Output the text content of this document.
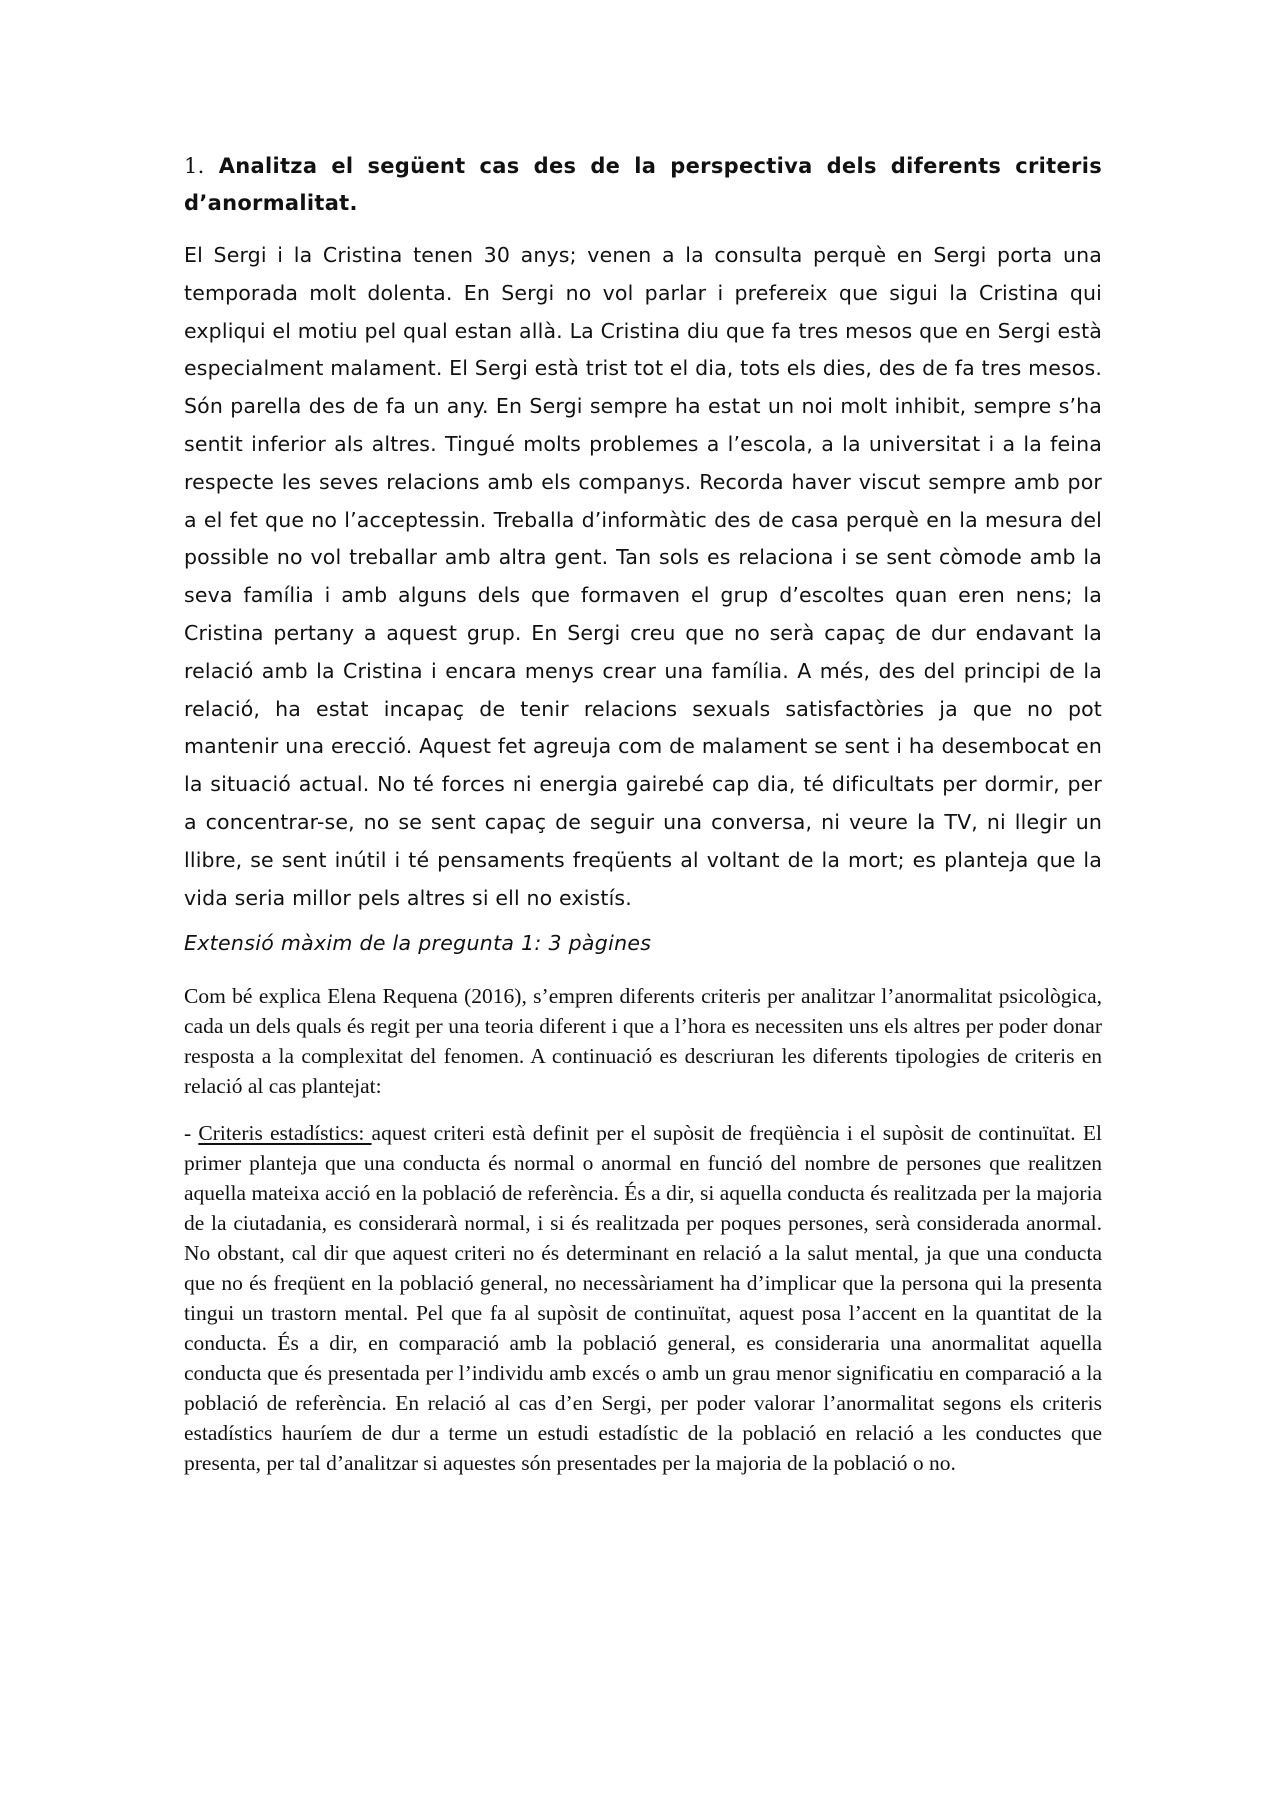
1. Analitza el següent cas des de la perspectiva dels diferents criteris d’anormalitat.

El Sergi i la Cristina tenen 30 anys; venen a la consulta perquè en Sergi porta una temporada molt dolenta. En Sergi no vol parlar i prefereix que sigui la Cristina qui expliqui el motiu pel qual estan allà. La Cristina diu que fa tres mesos que en Sergi està especialment malament. El Sergi està trist tot el dia, tots els dies, des de fa tres mesos. Són parella des de fa un any. En Sergi sempre ha estat un noi molt inhibit, sempre s’ha sentit inferior als altres. Tingué molts problemes a l’escola, a la universitat i a la feina respecte les seves relacions amb els companys. Recorda haver viscut sempre amb por a el fet que no l’acceptessin. Treballa d’informàtic des de casa perquè en la mesura del possible no vol treballar amb altra gent. Tan sols es relaciona i se sent còmode amb la seva família i amb alguns dels que formaven el grup d’escoltes quan eren nens; la Cristina pertany a aquest grup. En Sergi creu que no serà capaç de dur endavant la relació amb la Cristina i encara menys crear una família. A més, des del principi de la relació, ha estat incapaç de tenir relacions sexuals satisfactòries ja que no pot mantenir una erecció. Aquest fet agreuja com de malament se sent i ha desembocat en la situació actual. No té forces ni energia gairebé cap dia, té dificultats per dormir, per a concentrar-se, no se sent capaç de seguir una conversa, ni veure la TV, ni llegir un llibre, se sent inútil i té pensaments freqüents al voltant de la mort; es planteja que la vida seria millor pels altres si ell no existís.

Extensió màxim de la pregunta 1: 3 pàgines

Com bé explica Elena Requena (2016), s’empren diferents criteris per analitzar l’anormalitat psicològica, cada un dels quals és regit per una teoria diferent i que a l’hora es necessiten uns els altres per poder donar resposta a la complexitat del fenomen. A continuació es descriuran les diferents tipologies de criteris en relació al cas plantejat:

- Criteris estadístics: aquest criteri està definit per el supòsit de freqüència i el supòsit de continuïtat. El primer planteja que una conducta és normal o anormal en funció del nombre de persones que realitzen aquella mateixa acció en la població de referència. És a dir, si aquella conducta és realitzada per la majoria de la ciutadania, es considerarà normal, i si és realitzada per poques persones, serà considerada anormal. No obstant, cal dir que aquest criteri no és determinant en relació a la salut mental, ja que una conducta que no és freqüent en la població general, no necessàriament ha d’implicar que la persona qui la presenta tingui un trastorn mental. Pel que fa al supòsit de continuïtat, aquest posa l’accent en la quantitat de la conducta. És a dir, en comparació amb la població general, es consideraria una anormalitat aquella conducta que és presentada per l’individu amb excés o amb un grau menor significatiu en comparació a la població de referència. En relació al cas d’en Sergi, per poder valorar l’anormalitat segons els criteris estadístics hauríem de dur a terme un estudi estadístic de la població en relació a les conductes que presenta, per tal d’analitzar si aquestes són presentades per la majoria de la població o no.
